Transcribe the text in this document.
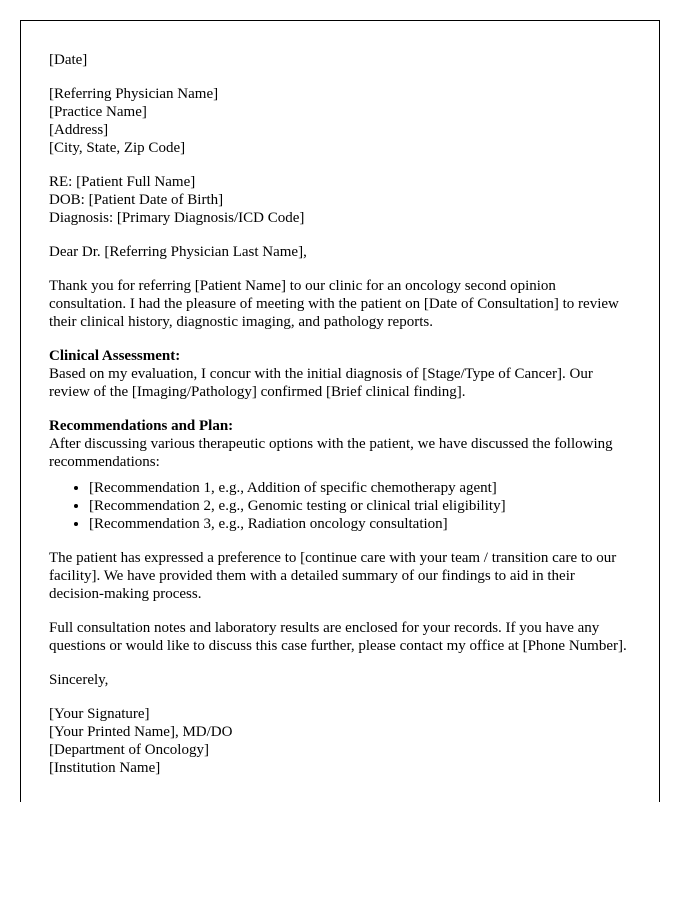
[Date]

[Referring Physician Name]
[Practice Name]
[Address]
[City, State, Zip Code]

RE: [Patient Full Name]
DOB: [Patient Date of Birth]
Diagnosis: [Primary Diagnosis/ICD Code]

Dear Dr. [Referring Physician Last Name],

Thank you for referring [Patient Name] to our clinic for an oncology second opinion consultation. I had the pleasure of meeting with the patient on [Date of Consultation] to review their clinical history, diagnostic imaging, and pathology reports.

Clinical Assessment:
Based on my evaluation, I concur with the initial diagnosis of [Stage/Type of Cancer]. Our review of the [Imaging/Pathology] confirmed [Brief clinical finding].

Recommendations and Plan:
After discussing various therapeutic options with the patient, we have discussed the following recommendations:

• [Recommendation 1, e.g., Addition of specific chemotherapy agent]
• [Recommendation 2, e.g., Genomic testing or clinical trial eligibility]
• [Recommendation 3, e.g., Radiation oncology consultation]

The patient has expressed a preference to [continue care with your team / transition care to our facility]. We have provided them with a detailed summary of our findings to aid in their decision-making process.

Full consultation notes and laboratory results are enclosed for your records. If you have any questions or would like to discuss this case further, please contact my office at [Phone Number].

Sincerely,

[Your Signature]
[Your Printed Name], MD/DO
[Department of Oncology]
[Institution Name]
